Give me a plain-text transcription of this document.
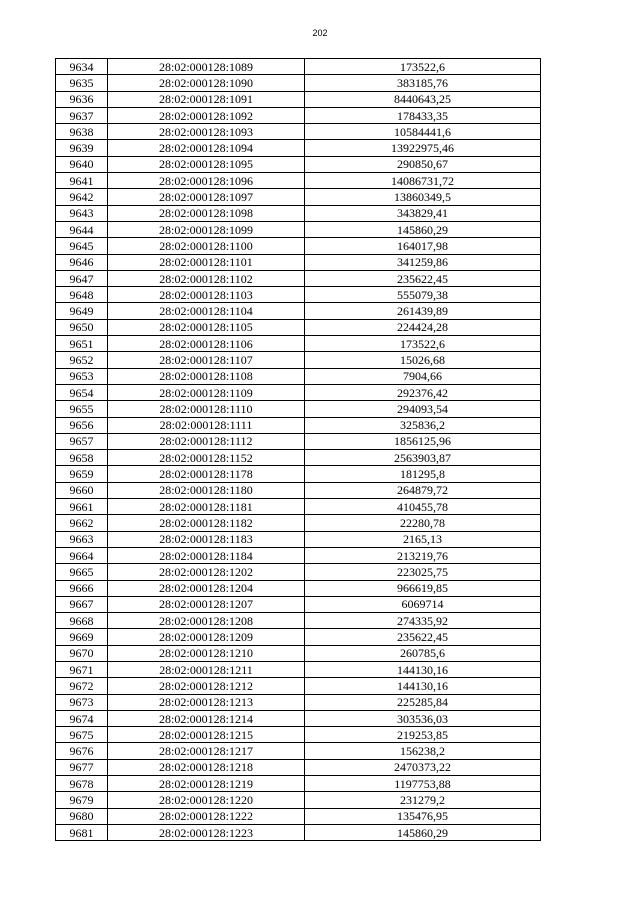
202
9634	28:02:000128:1089	173522,6
9635	28:02:000128:1090	383185,76
9636	28:02:000128:1091	8440643,25
9637	28:02:000128:1092	178433,35
9638	28:02:000128:1093	10584441,6
9639	28:02:000128:1094	13922975,46
9640	28:02:000128:1095	290850,67
9641	28:02:000128:1096	14086731,72
9642	28:02:000128:1097	13860349,5
9643	28:02:000128:1098	343829,41
9644	28:02:000128:1099	145860,29
9645	28:02:000128:1100	164017,98
9646	28:02:000128:1101	341259,86
9647	28:02:000128:1102	235622,45
9648	28:02:000128:1103	555079,38
9649	28:02:000128:1104	261439,89
9650	28:02:000128:1105	224424,28
9651	28:02:000128:1106	173522,6
9652	28:02:000128:1107	15026,68
9653	28:02:000128:1108	7904,66
9654	28:02:000128:1109	292376,42
9655	28:02:000128:1110	294093,54
9656	28:02:000128:1111	325836,2
9657	28:02:000128:1112	1856125,96
9658	28:02:000128:1152	2563903,87
9659	28:02:000128:1178	181295,8
9660	28:02:000128:1180	264879,72
9661	28:02:000128:1181	410455,78
9662	28:02:000128:1182	22280,78
9663	28:02:000128:1183	2165,13
9664	28:02:000128:1184	213219,76
9665	28:02:000128:1202	223025,75
9666	28:02:000128:1204	966619,85
9667	28:02:000128:1207	6069714
9668	28:02:000128:1208	274335,92
9669	28:02:000128:1209	235622,45
9670	28:02:000128:1210	260785,6
9671	28:02:000128:1211	144130,16
9672	28:02:000128:1212	144130,16
9673	28:02:000128:1213	225285,84
9674	28:02:000128:1214	303536,03
9675	28:02:000128:1215	219253,85
9676	28:02:000128:1217	156238,2
9677	28:02:000128:1218	2470373,22
9678	28:02:000128:1219	1197753,88
9679	28:02:000128:1220	231279,2
9680	28:02:000128:1222	135476,95
9681	28:02:000128:1223	145860,29
